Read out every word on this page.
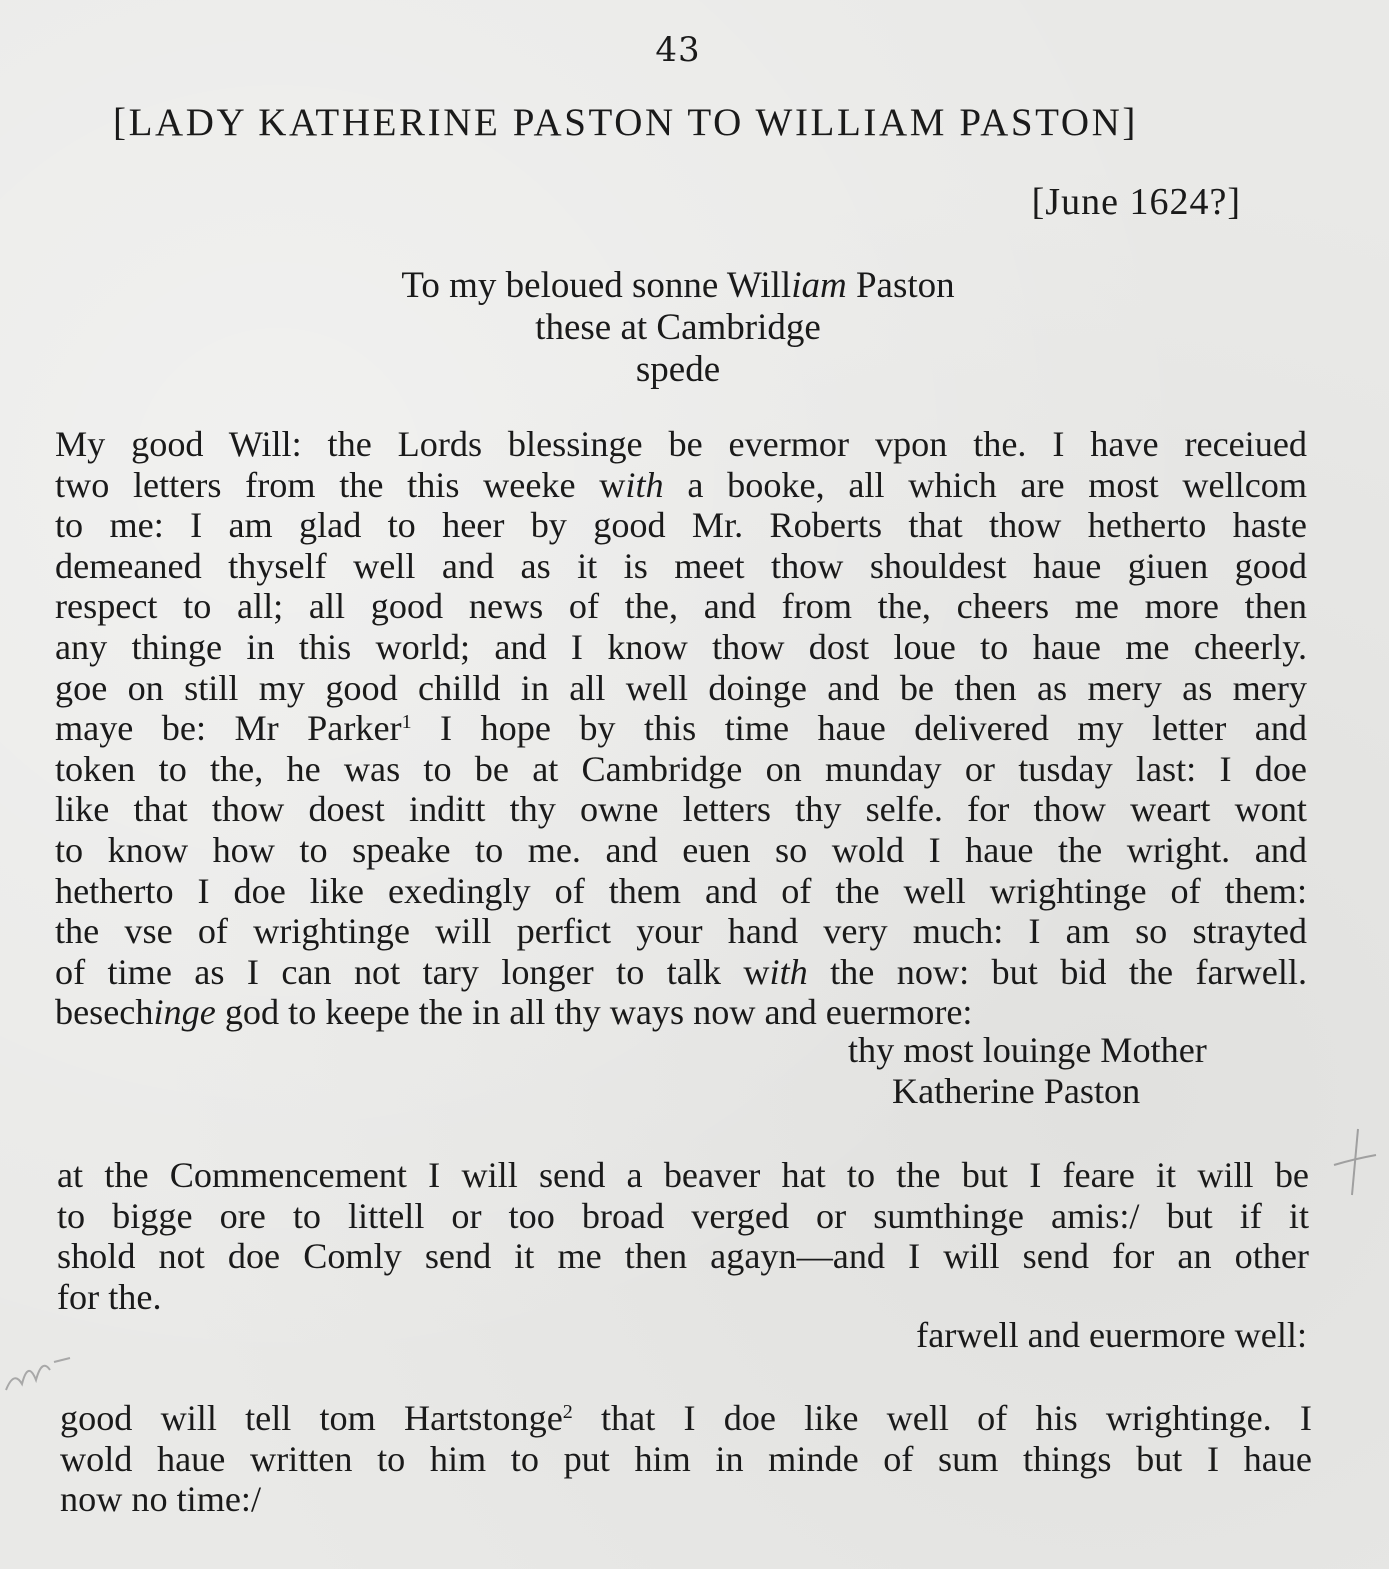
43
[LADY KATHERINE PASTON TO WILLIAM PASTON]
[June 1624?]
To my beloued sonne William Paston
these at Cambridge
spede
My good Will: the Lords blessinge be evermor vpon the. I have receiued
two letters from the this weeke with a booke, all which are most wellcom
to me: I am glad to heer by good Mr. Roberts that thow hetherto haste
demeaned thyself well and as it is meet thow shouldest haue giuen good
respect to all; all good news of the, and from the, cheers me more then
any thinge in this world; and I know thow dost loue to haue me cheerly.
goe on still my good chilld in all well doinge and be then as mery as mery
maye be: Mr Parker$^1$ I hope by this time haue delivered my letter and
token to the, he was to be at Cambridge on munday or tusday last: I doe
like that thow doest inditt thy owne letters thy selfe. for thow weart wont
to know how to speake to me. and euen so wold I haue the wright. and
hetherto I doe like exedingly of them and of the well wrightinge of them:
the vse of wrightinge will perfict your hand very much: I am so strayted
of time as I can not tary longer to talk with the now: but bid the farwell.
besechinge god to keepe the in all thy ways now and euermore:
thy most louinge Mother
Katherine Paston
at the Commencement I will send a beaver hat to the but I feare it will be
to bigge ore to littell or too broad verged or sumthinge amis:/ but if it
shold not doe Comly send it me then agayn—and I will send for an other
for the.
farwell and euermore well:
good will tell tom Hartstonge$^2$ that I doe like well of his wrightinge. I
wold haue written to him to put him in minde of sum things but I haue
now no time:/
